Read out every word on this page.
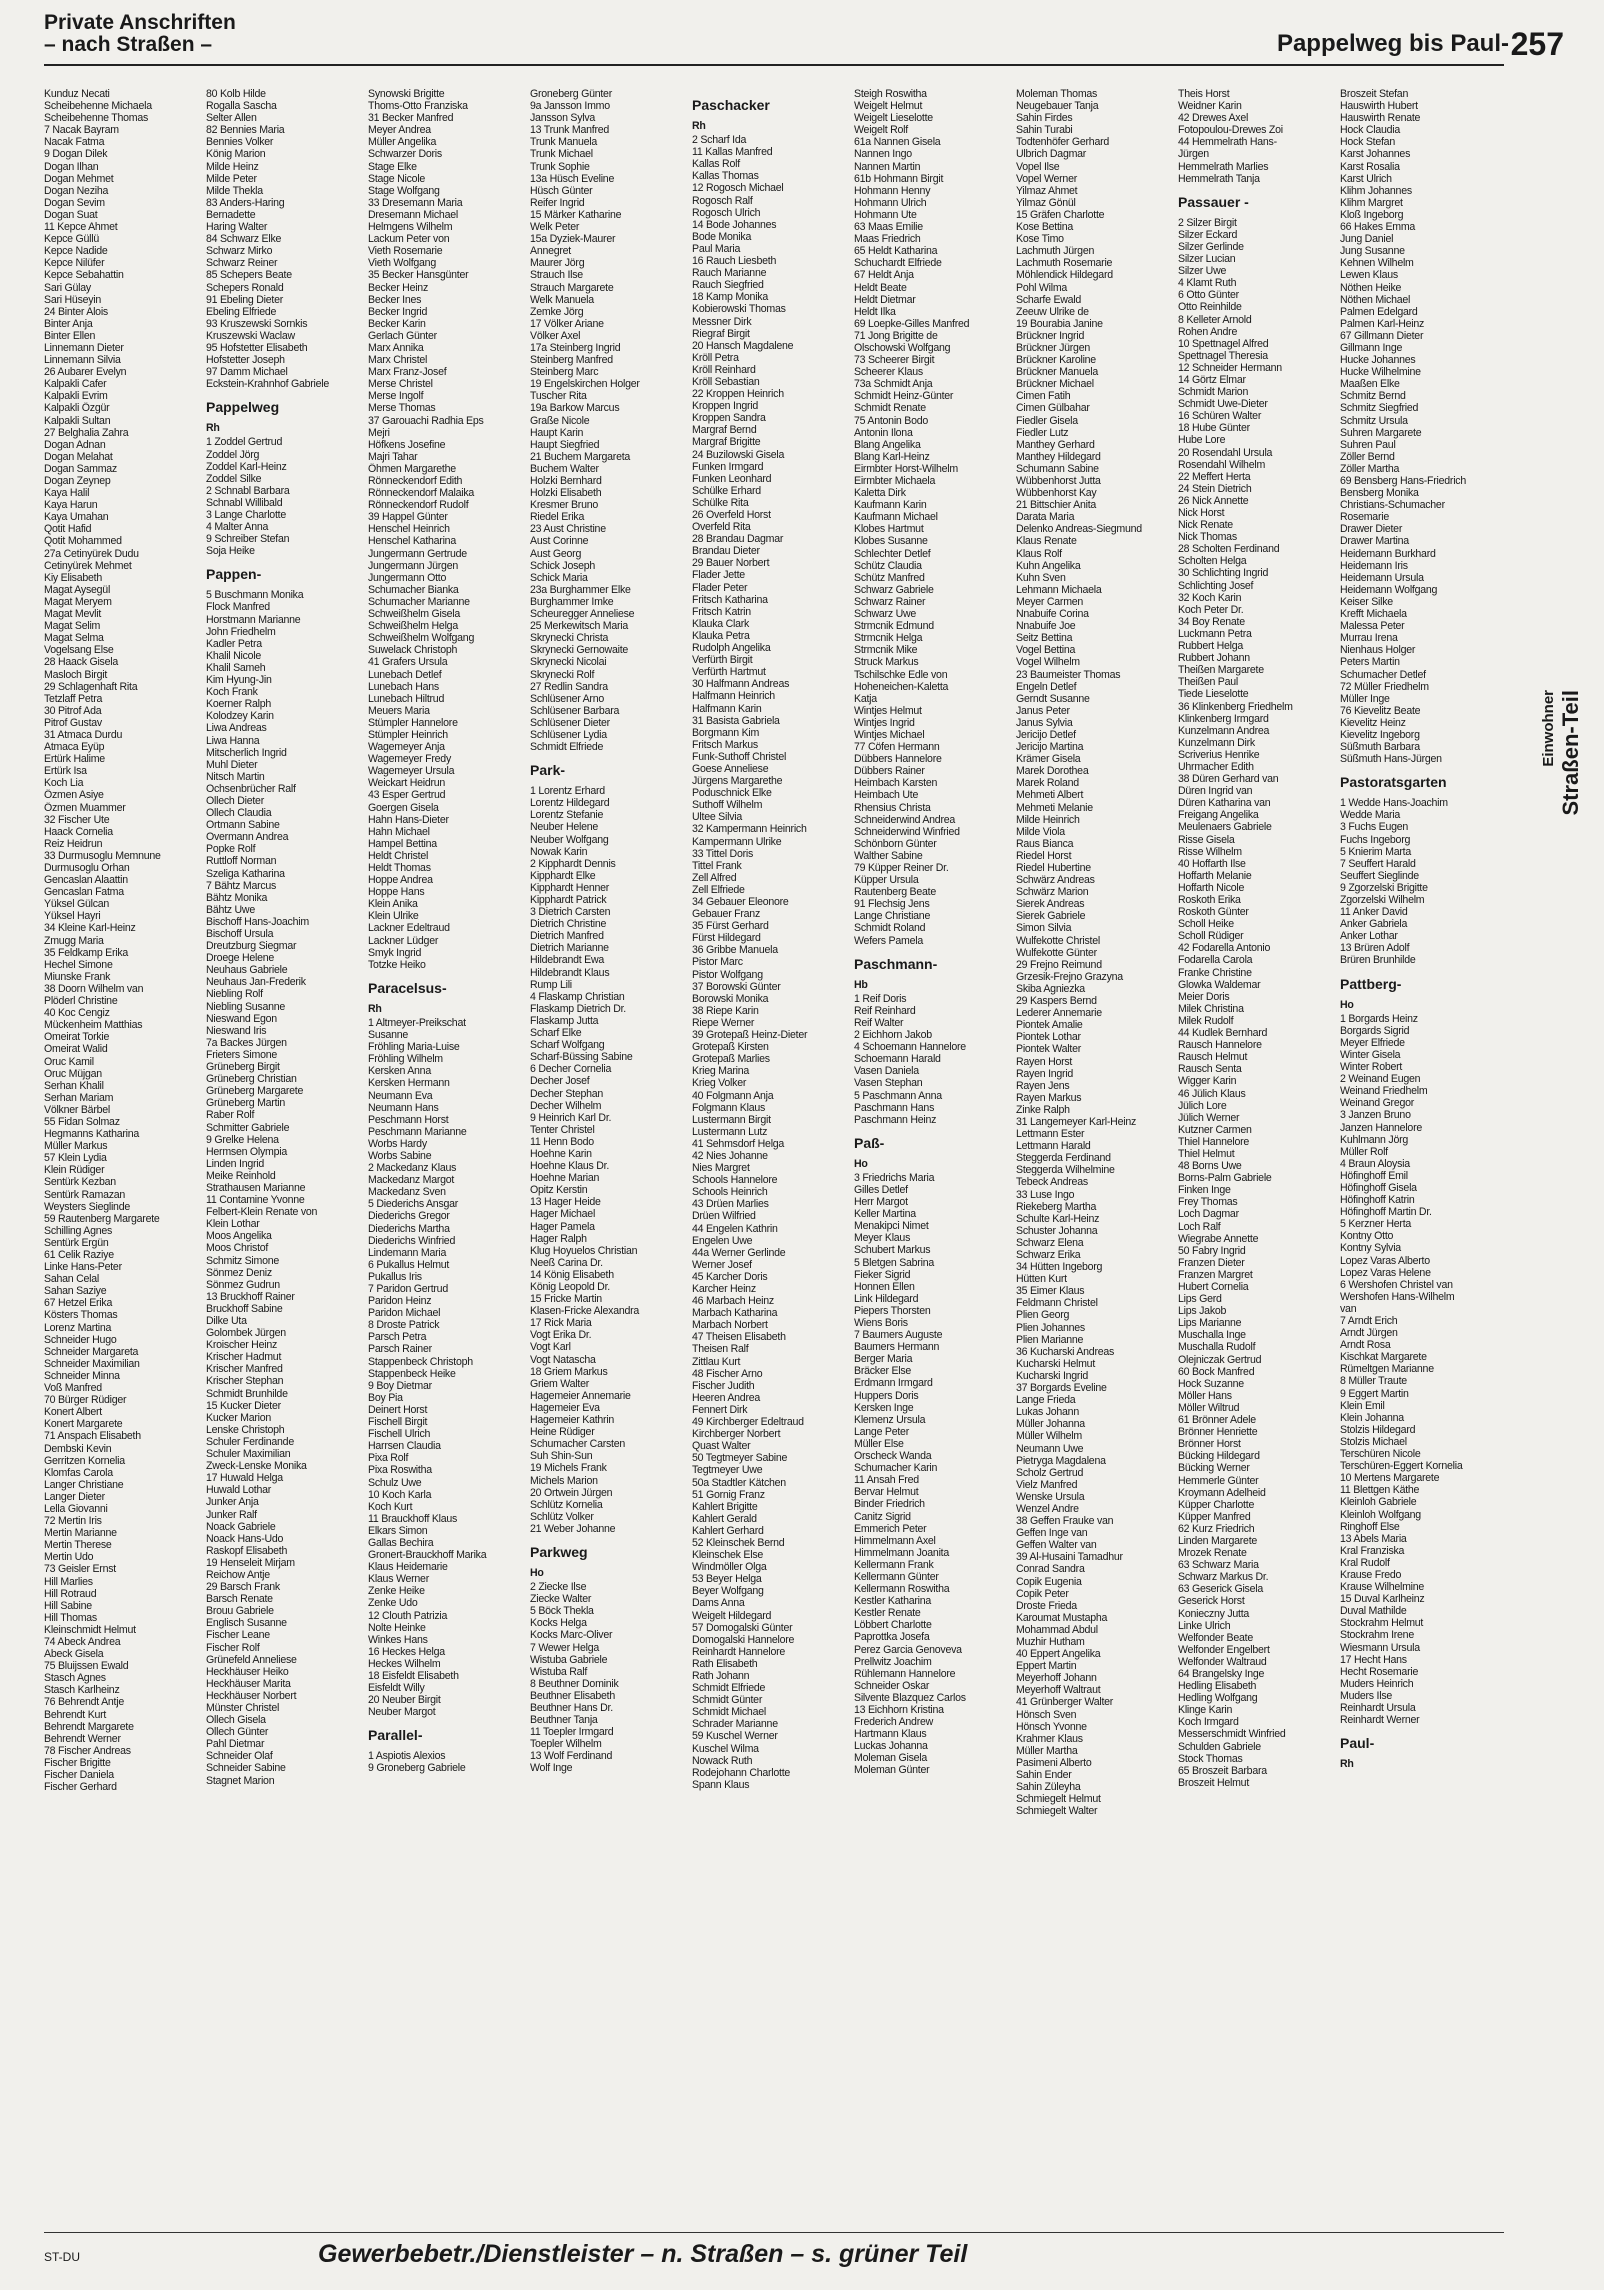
Private Anschriften
– nach Straßen –	Pappelweg bis Paul- 257
Kunduz Necati
Scheibehenne Michaela
Scheibehenne Thomas
7 Nacak Bayram
Nacak Fatma
9 Dogan Dilek
Dogan Ilhan
Dogan Mehmet
Dogan Neziha
Dogan Sevim
Dogan Suat
11 Kepce Ahmet
Kepce Güllü
Kepce Nadide
Kepce Nilüfer
Kepce Sebahattin
Sari Gülay
Sari Hüseyin
24 Binter Alois
Binter Anja
Binter Ellen
Linnemann Dieter
Linnemann Silvia
26 Aubarer Evelyn
Kalpakli Cafer
Kalpakli Evrim
Kalpakli Özgür
Kalpakli Sultan
27 Belghalia Zahra
Dogan Adnan
Dogan Melahat
Dogan Sammaz
Dogan Zeynep
Kaya Halil
Kaya Harun
Kaya Umahan
Qotit Hafid
Qotit Mohammed
27a Cetinyürek Dudu
Cetinyürek Mehmet
Kiy Elisabeth
Magat Aysegül
Magat Meryem
Magat Mevlit
Magat Selim
Magat Selma
Vogelsang Else
28 Haack Gisela
Masloch Birgit
29 Schlagenhaft Rita
Tetzlaff Petra
30 Pitrof Ada
Pitrof Gustav
31 Atmaca Durdu
Atmaca Eyüp
Ertürk Halime
Ertürk Isa
Koch Lia
Özmen Asiye
Özmen Muammer
32 Fischer Ute
Haack Cornelia
Reiz Heidrun
33 Durmusoglu Memnune
Durmusoglu Orhan
Gencaslan Alaattin
Gencaslan Fatma
Yüksel Gülcan
Yüksel Hayri
34 Kleine Karl-Heinz
Zmugg Maria
35 Feldkamp Erika
Hechel Simone
Miunske Frank
38 Doorn Wilhelm van
Plöderl Christine
40 Koc Cengiz
Mückenheim Matthias
Omeirat Torkie
Omeirat Walid
Oruc Kamil
Oruc Müjgan
Serhan Khalil
Serhan Mariam
Völkner Bärbel
55 Fidan Solmaz
Hegmanns Katharina
Müller Markus
57 Klein Lydia
Klein Rüdiger
Sentürk Kezban
Sentürk Ramazan
Weysters Sieglinde
59 Rautenberg Margarete
Schilling Agnes
Sentürk Ergün
61 Celik Raziye
Linke Hans-Peter
Sahan Celal
Sahan Saziye
67 Hetzel Erika
Kösters Thomas
Lorenz Martina
Schneider Hugo
Schneider Margareta
Schneider Maximilian
Schneider Minna
Voß Manfred
70 Bürger Rüdiger
Konert Albert
Konert Margarete
71 Anspach Elisabeth
Dembski Kevin
Gerritzen Kornelia
Klomfas Carola
Langer Christiane
Langer Dieter
Lella Giovanni
72 Mertin Iris
Mertin Marianne
Mertin Therese
Mertin Udo
73 Geisler Ernst
Hill Marlies
Hill Rotraud
Hill Sabine
Hill Thomas
Kleinschmidt Helmut
74 Abeck Andrea
Abeck Gisela
75 Bluijssen Ewald
Stasch Agnes
Stasch Karlheinz
76 Behrendt Antje
Behrendt Kurt
Behrendt Margarete
Behrendt Werner
78 Fischer Andreas
Fischer Brigitte
Fischer Daniela
Fischer Gerhard
80 Kolb Hilde
Rogalla Sascha
Selter Allen
82 Bennies Maria
Bennies Volker
König Marion
Milde Heinz
Milde Peter
Milde Thekla
83 Anders-Haring
Bernadette
Haring Walter
84 Schwarz Elke
Schwarz Mirko
Schwarz Reiner
85 Schepers Beate
Schepers Ronald
91 Ebeling Dieter
Ebeling Elfriede
93 Kruszewski Sornkis
Kruszewski Waclaw
95 Hofstetter Elisabeth
Hofstetter Joseph
97 Damm Michael
Eckstein-Krahnhof Gabriele
Pappelweg
Rh
1 Zoddel Gertrud
Zoddel Jörg
Zoddel Karl-Heinz
Zoddel Silke
2 Schnabl Barbara
Schnabl Willibald
3 Lange Charlotte
4 Malter Anna
9 Schreiber Stefan
Soja Heike
Pappen-
5 Buschmann Monika
Flock Manfred
Horstmann Marianne
John Friedhelm
Kadler Petra
Khalil Nicole
Khalil Sameh
Kim Hyung-Jin
Koch Frank
Koerner Ralph
Kolodzey Karin
Liwa Andreas
Liwa Hanna
Mitscherlich Ingrid
Muhl Dieter
Nitsch Martin
Ochsenbrücher Ralf
Ollech Dieter
Ollech Claudia
Ortmann Sabine
Overmann Andrea
Popke Rolf
Ruttloff Norman
Szeliga Katharina
7 Bähtz Marcus
Bähtz Monika
Bähtz Uwe
Bischoff Hans-Joachim
Bischoff Ursula
Dreutzburg Siegmar
Droege Helene
Neuhaus Gabriele
Neuhaus Jan-Frederik
Niebling Rolf
Niebling Susanne
Nieswand Egon
Nieswand Iris
7a Backes Jürgen
Frieters Simone
Grüneberg Birgit
Grüneberg Christian
Grüneberg Margarete
Grüneberg Martin
Raber Rolf
Schmitter Gabriele
9 Grelke Helena
Hermsen Olympia
Linden Ingrid
Meike Reinhold
Strathausen Marianne
11 Contamine Yvonne
Felbert-Klein Renate von
Klein Lothar
Moos Angelika
Moos Christof
Schmitz Simone
Sönmez Deniz
Sönmez Gudrun
13 Bruckhoff Rainer
Bruckhoff Sabine
Dilke Uta
Golombek Jürgen
Kroischer Heinz
Krischer Hadmut
Krischer Manfred
Krischer Stephan
Schmidt Brunhilde
15 Kucker Dieter
Kucker Marion
Lenske Christoph
Schuler Ferdinande
Schuler Maximilian
Zweck-Lenske Monika
17 Huwald Helga
Huwald Lothar
Junker Anja
Junker Ralf
Noack Gabriele
Noack Hans-Udo
Raskopf Elisabeth
19 Henseleit Mirjam
Reichow Antje
29 Barsch Frank
Barsch Renate
Brouu Gabriele
Englisch Susanne
Fischer Leane
Fischer Rolf
Grünefeld Anneliese
Heckhäuser Heiko
Heckhäuser Marita
Heckhäuser Norbert
Münster Christel
Ollech Gisela
Ollech Günter
Pahl Dietmar
Schneider Olaf
Schneider Sabine
Stagnet Marion
Synowski Brigitte
Thoms-Otto Franziska
31 Becker Manfred
Meyer Andrea
Müller Angelika
Schwarzer Doris
Stage Elke
Stage Nicole
Stage Wolfgang
33 Dresemann Maria
Dresemann Michael
Helmgens Wilhelm
Lackum Peter von
Vieth Rosemarie
Vieth Wolfgang
35 Becker Hansgünter
Becker Heinz
Becker Ines
Becker Ingrid
Becker Karin
Gerlach Günter
Marx Annika
Marx Christel
Marx Franz-Josef
Merse Christel
Merse Ingolf
Merse Thomas
37 Garouachi Radhia Eps
Mejri
Höfkens Josefine
Majri Tahar
Öhmen Margarethe
Rönneckendorf Edith
Rönneckendorf Malaika
Rönneckendorf Rudolf
39 Happel Günter
Henschel Heinrich
Henschel Katharina
Jungermann Gertrude
Jungermann Jürgen
Jungermann Otto
Schumacher Bianka
Schumacher Marianne
Schweißhelm Gisela
Schweißhelm Helga
Schweißhelm Wolfgang
Suwelack Christoph
41 Grafers Ursula
Lunebach Detlef
Lunebach Hans
Lunebach Hiltrud
Meuers Maria
Stümpler Hannelore
Stümpler Heinrich
Wagemeyer Anja
Wagemeyer Fredy
Wagemeyer Ursula
Weickart Heidrun
43 Esper Gertrud
Goergen Gisela
Hahn Hans-Dieter
Hahn Michael
Hampel Bettina
Heldt Christel
Heldt Thomas
Hoppe Andrea
Hoppe Hans
Klein Anika
Klein Ulrike
Lackner Edeltraud
Lackner Lüdger
Smyk Ingrid
Totzke Heiko
Paracelsus-
Rh
1 Altmeyer-Preikschat
Susanne
Fröhling Maria-Luise
Fröhling Wilhelm
Kersken Anna
Kersken Hermann
Neumann Eva
Neumann Hans
Peschmann Horst
Peschmann Marianne
Worbs Hardy
Worbs Sabine
2 Mackedanz Klaus
Mackedanz Margot
Mackedanz Sven
5 Diederichs Ansgar
Diederichs Gregor
Diederichs Martha
Diederichs Winfried
Lindemann Maria
6 Pukallus Helmut
Pukallus Iris
7 Paridon Gertrud
Paridon Heinz
Paridon Michael
8 Droste Patrick
Parsch Petra
Parsch Rainer
Stappenbeck Christoph
Stappenbeck Heike
9 Boy Dietmar
Boy Pia
Deinert Horst
Fischell Birgit
Fischell Ulrich
Harrsen Claudia
Pixa Rolf
Pixa Roswitha
Schulz Uwe
10 Koch Karla
Koch Kurt
11 Brauckhoff Klaus
Elkars Simon
Gallas Bechira
Gronert-Brauckhoff Marika
Klaus Heidemarie
Klaus Werner
Zenke Heike
Zenke Udo
12 Clouth Patrizia
Nolte Heinke
Winkes Hans
16 Heckes Helga
Heckes Wilhelm
18 Eisfeldt Elisabeth
Eisfeldt Willy
20 Neuber Birgit
Neuber Margot
Parallel-
1 Aspiotis Alexios
9 Groneberg Gabriele
Groneberg Günter
9a Jansson Immo
Jansson Sylva
13 Trunk Manfred
Trunk Manuela
Trunk Michael
Trunk Sophie
13a Hüsch Eveline
Hüsch Günter
Reifer Ingrid
15 Märker Katharine
Welk Peter
15a Dyziek-Maurer
Annegret
Maurer Jörg
Strauch Ilse
Strauch Margarete
Welk Manuela
Zemke Jörg
17 Völker Ariane
Völker Axel
17a Steinberg Ingrid
Steinberg Manfred
Steinberg Marc
19 Engelskirchen Holger
Tuscher Rita
19a Barkow Marcus
Graße Nicole
Haupt Karin
Haupt Siegfried
21 Buchem Margareta
Buchem Walter
Holzki Bernhard
Holzki Elisabeth
Kresmer Bruno
Riedel Erika
23 Aust Christine
Aust Corinne
Aust Georg
Schick Joseph
Schick Maria
23a Burghammer Elke
Burghammer Imke
Scheuregger Anneliese
25 Merkewitsch Maria
Skrynecki Christa
Skrynecki Gernowaite
Skrynecki Nicolai
Skrynecki Rolf
27 Redlin Sandra
Schlüsener Arno
Schlüsener Barbara
Schlüsener Dieter
Schlüsener Lydia
Schmidt Elfriede
Park-
1 Lorentz Erhard
Lorentz Hildegard
Lorentz Stefanie
Neuber Helene
Neuber Wolfgang
Nowak Karin
2 Kipphardt Dennis
Kipphardt Elke
Kipphardt Henner
Kipphardt Patrick
3 Dietrich Carsten
Dietrich Christine
Dietrich Manfred
Dietrich Marianne
Hildebrandt Ewa
Hildebrandt Klaus
Rump Lili
4 Flaskamp Christian
Flaskamp Dietrich Dr.
Flaskamp Jutta
Scharf Elke
Scharf Wolfgang
Scharf-Büssing Sabine
6 Decher Cornelia
Decher Josef
Decher Stephan
Decher Wilhelm
9 Heinrich Karl Dr.
Tenter Christel
11 Henn Bodo
Hoehne Karin
Hoehne Klaus Dr.
Hoehne Marian
Opitz Kerstin
13 Hager Heide
Hager Michael
Hager Pamela
Hager Ralph
Klug Hoyuelos Christian
Neeß Carina Dr.
14 König Elisabeth
König Leopold Dr.
15 Fricke Martin
Klasen-Fricke Alexandra
17 Rick Maria
Vogt Erika Dr.
Vogt Karl
Vogt Natascha
18 Griem Markus
Griem Walter
Hagemeier Annemarie
Hagemeier Eva
Hagemeier Kathrin
Heine Rüdiger
Schumacher Carsten
Suh Shin-Sun
19 Michels Frank
Michels Marion
20 Ortwein Jürgen
Schlütz Kornelia
Schlütz Volker
21 Weber Johanne
Parkweg
Ho
2 Ziecke Ilse
Ziecke Walter
5 Böck Thekla
Kocks Helga
Kocks Marc-Oliver
7 Wewer Helga
Wistuba Gabriele
Wistuba Ralf
8 Beuthner Dominik
Beuthner Elisabeth
Beuthner Hans Dr.
Beuthner Tanja
11 Toepler Irmgard
Toepler Wilhelm
13 Wolf Ferdinand
Wolf Inge
Paschacker
Rh
2 Scharf Ida
11 Kallas Manfred
Kallas Rolf
Kallas Thomas
12 Rogosch Michael
Rogosch Ralf
Rogosch Ulrich
14 Bode Johannes
Bode Monika
Paul Maria
16 Rauch Liesbeth
Rauch Marianne
Rauch Siegfried
18 Kamp Monika
Kobierowski Thomas
Messner Dirk
Riegraf Birgit
20 Hansch Magdalene
Kröll Petra
Kröll Reinhard
Kröll Sebastian
22 Kroppen Heinrich
Kroppen Ingrid
Kroppen Sandra
Margraf Bernd
Margraf Brigitte
24 Buzilowski Gisela
Funken Irmgard
Funken Leonhard
Schülke Erhard
Schülke Rita
26 Overfeld Horst
Overfeld Rita
28 Brandau Dagmar
Brandau Dieter
29 Bauer Norbert
Flader Jette
Flader Peter
Fritsch Katharina
Fritsch Katrin
Klauka Clark
Klauka Petra
Rudolph Angelika
Verfürth Birgit
Verfürth Hartmut
30 Halfmann Andreas
Halfmann Heinrich
Halfmann Karin
31 Basista Gabriela
Borgmann Kim
Fritsch Markus
Funk-Suthoff Christel
Goese Anneliese
Jürgens Margarethe
Poduschnick Elke
Suthoff Wilhelm
Ultee Silvia
32 Kampermann Heinrich
Kampermann Ulrike
33 Tittel Doris
Tittel Frank
Zell Alfred
Zell Elfriede
34 Gebauer Eleonore
Gebauer Franz
35 Fürst Gerhard
Fürst Hildegard
36 Gribbe Manuela
Pistor Marc
Pistor Wolfgang
37 Borowski Günter
Borowski Monika
38 Riepe Karin
Riepe Werner
39 Grotepaß Heinz-Dieter
Grotepaß Kirsten
Grotepaß Marlies
Krieg Marina
Krieg Volker
40 Folgmann Anja
Folgmann Klaus
Lustermann Birgit
Lustermann Lutz
41 Sehmsdorf Helga
42 Nies Johanne
Nies Margret
Schools Hannelore
Schools Heinrich
43 Drüen Marlies
Drüen Wilfried
44 Engelen Kathrin
Engelen Uwe
44a Werner Gerlinde
Werner Josef
45 Karcher Doris
Karcher Heinz
46 Marbach Heinz
Marbach Katharina
Marbach Norbert
47 Theisen Elisabeth
Theisen Ralf
Zittlau Kurt
48 Fischer Arno
Fischer Judith
Heeren Andrea
Fennert Dirk
49 Kirchberger Edeltraud
Kirchberger Norbert
Quast Walter
50 Tegtmeyer Sabine
Tegtmeyer Uwe
50a Stadtler Kätchen
51 Gornig Franz
Kahlert Brigitte
Kahlert Gerald
Kahlert Gerhard
52 Kleinschek Bernd
Kleinschek Else
Windmöller Olga
53 Beyer Helga
Beyer Wolfgang
Dams Anna
Weigelt Hildegard
57 Domogalski Günter
Domogalski Hannelore
Reinhardt Hannelore
Rath Elisabeth
Rath Johann
Schmidt Elfriede
Schmidt Günter
Schmidt Michael
Schrader Marianne
59 Kuschel Werner
Kuschel Wilma
Nowack Ruth
Rodejohann Charlotte
Spann Klaus
Steigh Roswitha
Weigelt Helmut
Weigelt Lieselotte
Weigelt Rolf
61a Nannen Gisela
Nannen Ingo
Nannen Martin
61b Hohmann Birgit
Hohmann Henny
Hohmann Ulrich
Hohmann Ute
63 Maas Emilie
Maas Friedrich
65 Heldt Katharina
Schuchardt Elfriede
67 Heldt Anja
Heldt Beate
Heldt Dietmar
Heldt Ilka
69 Loepke-Gilles Manfred
71 Jong Brigitte de
Olschowski Wolfgang
73 Scheerer Birgit
Scheerer Klaus
73a Schmidt Anja
Schmidt Heinz-Günter
Schmidt Renate
75 Antonin Bodo
Antonin Ilona
Blang Angelika
Blang Karl-Heinz
Eirmbter Horst-Wilhelm
Eirmbter Michaela
Kaletta Dirk
Kaufmann Karin
Kaufmann Michael
Klobes Hartmut
Klobes Susanne
Schlechter Detlef
Schütz Claudia
Schütz Manfred
Schwarz Gabriele
Schwarz Rainer
Schwarz Uwe
Strmcnik Edmund
Strmcnik Helga
Strmcnik Mike
Struck Markus
Tschilschke Edle von
Hoheneichen-Kaletta
Katja
Wintjes Helmut
Wintjes Ingrid
Wintjes Michael
77 Cöfen Hermann
Dübbers Hannelore
Dübbers Rainer
Heimbach Karsten
Heimbach Ute
Rhensius Christa
Schneiderwind Andrea
Schneiderwind Winfried
Schönborn Günter
Walther Sabine
79 Küpper Reiner Dr.
Küpper Ursula
Rautenberg Beate
91 Flechsig Jens
Lange Christiane
Schmidt Roland
Wefers Pamela
Paschmann-
Hb
1 Reif Doris
Reif Reinhard
Reif Walter
2 Eichhorn Jakob
4 Schoemann Hannelore
Schoemann Harald
Vasen Daniela
Vasen Stephan
5 Paschmann Anna
Paschmann Hans
Paschmann Heinz
Paß-
Ho
3 Friedrichs Maria
Gilles Detlef
Herr Margot
Keller Martina
Menakipci Nimet
Meyer Klaus
Schubert Markus
5 Bletgen Sabrina
Fieker Sigrid
Honnen Ellen
Link Hildegard
Piepers Thorsten
Wiens Boris
7 Baumers Auguste
Baumers Hermann
Berger Maria
Bräcker Else
Erdmann Irmgard
Huppers Doris
Kersken Inge
Klemenz Ursula
Lange Peter
Müller Else
Orscheck Wanda
Schumacher Karin
11 Ansah Fred
Bervar Helmut
Binder Friedrich
Canitz Sigrid
Emmerich Peter
Himmelmann Axel
Himmelmann Joanita
Kellermann Frank
Kellermann Günter
Kellermann Roswitha
Kestler Katharina
Kestler Renate
Löbbert Charlotte
Paprottka Josefa
Perez Garcia Genoveva
Prellwitz Joachim
Rühlemann Hannelore
Schneider Oskar
Silvente Blazquez Carlos
13 Eichhorn Kristina
Frederich Andrew
Hartmann Klaus
Luckas Johanna
Moleman Gisela
Moleman Günter
Moleman Thomas
Neugebauer Tanja
Sahin Firdes
Sahin Turabi
Todtenhöfer Gerhard
Ulbrich Dagmar
Vopel Ilse
Vopel Werner
Yilmaz Ahmet
Yilmaz Gönül
15 Gräfen Charlotte
Kose Bettina
Kose Timo
Lachmuth Jürgen
Lachmuth Rosemarie
Möhlendick Hildegard
Pohl Wilma
Scharfe Ewald
Zeeuw Ulrike de
19 Bourabia Janine
Brückner Ingrid
Brückner Jürgen
Brückner Karoline
Brückner Manuela
Brückner Michael
Cimen Fatih
Cimen Gülbahar
Fiedler Gisela
Fiedler Lutz
Manthey Gerhard
Manthey Hildegard
Schumann Sabine
Wübbenhorst Jutta
Wübbenhorst Kay
21 Bittschier Anita
Darata Maria
Delenko Andreas-Siegmund
Klaus Renate
Klaus Rolf
Kuhn Angelika
Kuhn Sven
Lehmann Michaela
Meyer Carmen
Nnabuife Corina
Nnabuife Joe
Seitz Bettina
Vogel Bettina
Vogel Wilhelm
23 Baumeister Thomas
Engeln Detlef
Gerndt Susanne
Janus Peter
Janus Sylvia
Jericijo Detlef
Jericijo Martina
Krämer Gisela
Marek Dorothea
Marek Roland
Mehmeti Albert
Mehmeti Melanie
Milde Heinrich
Milde Viola
Raus Bianca
Riedel Horst
Riedel Hubertine
Schwärz Andreas
Schwärz Marion
Sierek Andreas
Sierek Gabriele
Simon Silvia
Wulfekotte Christel
Wulfekotte Günter
29 Frejno Reimund
Grzesik-Frejno Grazyna
Skiba Agniezka
29 Kaspers Bernd
Lederer Annemarie
Piontek Amalie
Piontek Lothar
Piontek Walter
Rayen Horst
Rayen Ingrid
Rayen Jens
Rayen Markus
Zinke Ralph
31 Langemeyer Karl-Heinz
Lettmann Ester
Lettmann Harald
Steggerda Ferdinand
Steggerda Wilhelmine
Tebeck Andreas
33 Luse Ingo
Riekeberg Martha
Schulte Karl-Heinz
Schuster Johanna
Schwarz Elena
Schwarz Erika
34 Hütten Ingeborg
Hütten Kurt
35 Eimer Klaus
Feldmann Christel
Plien Georg
Plien Johannes
Plien Marianne
36 Kucharski Andreas
Kucharski Helmut
Kucharski Ingrid
37 Borgards Eveline
Lange Frieda
Lukas Johann
Müller Johanna
Müller Wilhelm
Neumann Uwe
Pietryga Magdalena
Scholz Gertrud
Vielz Manfred
Wenske Ursula
Wenzel Andre
38 Geffen Frauke van
Geffen Inge van
Geffen Walter van
39 Al-Husaini Tamadhur
Conrad Sandra
Copik Eugenia
Copik Peter
Droste Frieda
Karoumat Mustapha
Mohammad Abdul
Muzhir Hutham
40 Eppert Angelika
Eppert Martin
Meyerhoff Johann
Meyerhoff Waltraut
41 Grünberger Walter
Hönsch Sven
Hönsch Yvonne
Krahmer Klaus
Müller Martha
Pasimeni Alberto
Sahin Ender
Sahin Züleyha
Schmiegelt Helmut
Schmiegelt Walter
Theis Horst
Weidner Karin
42 Drewes Axel
Fotopoulou-Drewes Zoi
44 Hemmelrath Hans-
Jürgen
Hemmelrath Marlies
Hemmelrath Tanja
Passauer -
2 Silzer Birgit
Silzer Eckard
Silzer Gerlinde
Silzer Lucian
Silzer Uwe
4 Klamt Ruth
6 Otto Günter
Otto Reinhilde
8 Kelleter Arnold
Rohen Andre
10 Spettnagel Alfred
Spettnagel Theresia
12 Schneider Hermann
14 Görtz Elmar
Schmidt Marion
Schmidt Uwe-Dieter
16 Schüren Walter
18 Hube Günter
Hube Lore
20 Rosendahl Ursula
Rosendahl Wilhelm
22 Meffert Herta
24 Stein Dietrich
26 Nick Annette
Nick Horst
Nick Renate
Nick Thomas
28 Scholten Ferdinand
Scholten Helga
30 Schlichting Ingrid
Schlichting Josef
32 Koch Karin
Koch Peter Dr.
34 Boy Renate
Luckmann Petra
Rubbert Helga
Rubbert Johann
Theißen Margarete
Theißen Paul
Tiede Lieselotte
36 Klinkenberg Friedhelm
Klinkenberg Irmgard
Kunzelmann Andrea
Kunzelmann Dirk
Scriverius Henrike
Uhrmacher Edith
38 Düren Gerhard van
Düren Ingrid van
Düren Katharina van
Freigang Angelika
Meulenaers Gabriele
Risse Gisela
Risse Wilhelm
40 Hoffarth Ilse
Hoffarth Melanie
Hoffarth Nicole
Roskoth Erika
Roskoth Günter
Scholl Heike
Scholl Rüdiger
42 Fodarella Antonio
Fodarella Carola
Franke Christine
Glowka Waldemar
Meier Doris
Milek Christina
Milek Rudolf
44 Kudlek Bernhard
Rausch Hannelore
Rausch Helmut
Rausch Senta
Wigger Karin
46 Jülich Klaus
Jülich Lore
Jülich Werner
Kutzner Carmen
Thiel Hannelore
Thiel Helmut
48 Borns Uwe
Borns-Palm Gabriele
Finken Inge
Frey Thomas
Loch Dagmar
Loch Ralf
Wiegrabe Annette
50 Fabry Ingrid
Franzen Dieter
Franzen Margret
Hubert Cornelia
Lips Gerd
Lips Jakob
Lips Marianne
Muschalla Inge
Muschalla Rudolf
Olejniczak Gertrud
60 Bock Manfred
Hock Suzanne
Möller Hans
Möller Wiltrud
61 Brönner Adele
Brönner Henriette
Brönner Horst
Bücking Hildegard
Bücking Werner
Hemmerle Günter
Kroymann Adelheid
Küpper Charlotte
Küpper Manfred
62 Kurz Friedrich
Linden Margarete
Mrozek Renate
63 Schwarz Maria
Schwarz Markus Dr.
63 Geserick Gisela
Geserick Horst
Konieczny Jutta
Linke Ulrich
Welfonder Beate
Welfonder Engelbert
Welfonder Waltraud
64 Brangelsky Inge
Hedling Elisabeth
Hedling Wolfgang
Klinge Karin
Koch Irmgard
Messerschmidt Winfried
Schulden Gabriele
Stock Thomas
65 Broszeit Barbara
Broszeit Helmut
Broszeit Stefan
Hauswirth Hubert
Hauswirth Renate
Hock Claudia
Hock Stefan
Karst Johannes
Karst Rosalia
Karst Ulrich
Klihm Johannes
Klihm Margret
Kloß Ingeborg
66 Hakes Emma
Jung Daniel
Jung Susanne
Kehnen Wilhelm
Lewen Klaus
Nöthen Heike
Nöthen Michael
Palmen Edelgard
Palmen Karl-Heinz
67 Gillmann Dieter
Gillmann Inge
Hucke Johannes
Hucke Wilhelmine
Maaßen Elke
Schmitz Bernd
Schmitz Siegfried
Schmitz Ursula
Suhren Margarete
Suhren Paul
Zöller Bernd
Zöller Martha
69 Bensberg Hans-Friedrich
Bensberg Monika
Christians-Schumacher
Rosemarie
Drawer Dieter
Drawer Martina
Heidemann Burkhard
Heidemann Iris
Heidemann Ursula
Heidemann Wolfgang
Keiser Silke
Krefft Michaela
Malessa Peter
Murrau Irena
Nienhaus Holger
Peters Martin
Schumacher Detlef
72 Müller Friedhelm
Müller Inge
76 Kievelitz Beate
Kievelitz Heinz
Kievelitz Ingeborg
Süßmuth Barbara
Süßmuth Hans-Jürgen
Pastoratsgarten
1 Wedde Hans-Joachim
Wedde Maria
3 Fuchs Eugen
Fuchs Ingeborg
5 Knierim Marta
7 Seuffert Harald
Seuffert Sieglinde
9 Zgorzelski Brigitte
Zgorzelski Wilhelm
11 Anker David
Anker Gabriela
Anker Lothar
13 Brüren Adolf
Brüren Brunhilde
Pattberg-
Ho
1 Borgards Heinz
Borgards Sigrid
Meyer Elfriede
Winter Gisela
Winter Robert
2 Weinand Eugen
Weinand Friedhelm
Weinand Gregor
3 Janzen Bruno
Janzen Hannelore
Kuhlmann Jörg
Müller Rolf
4 Braun Aloysia
Höfinghoff Emil
Höfinghoff Gisela
Höfinghoff Katrin
Höfinghoff Martin Dr.
5 Kerzner Herta
Kontny Otto
Kontny Sylvia
Lopez Varas Alberto
Lopez Varas Helene
6 Wershofen Christel van
Wershofen Hans-Wilhelm
van
7 Arndt Erich
Arndt Jürgen
Arndt Rosa
Kischkat Margarete
Rümeltgen Marianne
8 Müller Traute
9 Eggert Martin
Klein Emil
Klein Johanna
Stolzis Hildegard
Stolzis Michael
Terschüren Nicole
Terschüren-Eggert Kornelia
10 Mertens Margarete
11 Blettgen Käthe
Kleinloh Gabriele
Kleinloh Wolfgang
Ringhoff Else
13 Abels Maria
Kral Franziska
Kral Rudolf
Krause Fredo
Krause Wilhelmine
15 Duval Karlheinz
Duval Mathilde
Stockrahm Helmut
Stockrahm Irene
Wiesmann Ursula
17 Hecht Hans
Hecht Rosemarie
Muders Heinrich
Muders Ilse
Reinhardt Ursula
Reinhardt Werner
Paul-
Rh
Einwohner Straßen-Teil
ST-DU	Gewerbebetr./Dienstleister – n. Straßen – s. grüner Teil
